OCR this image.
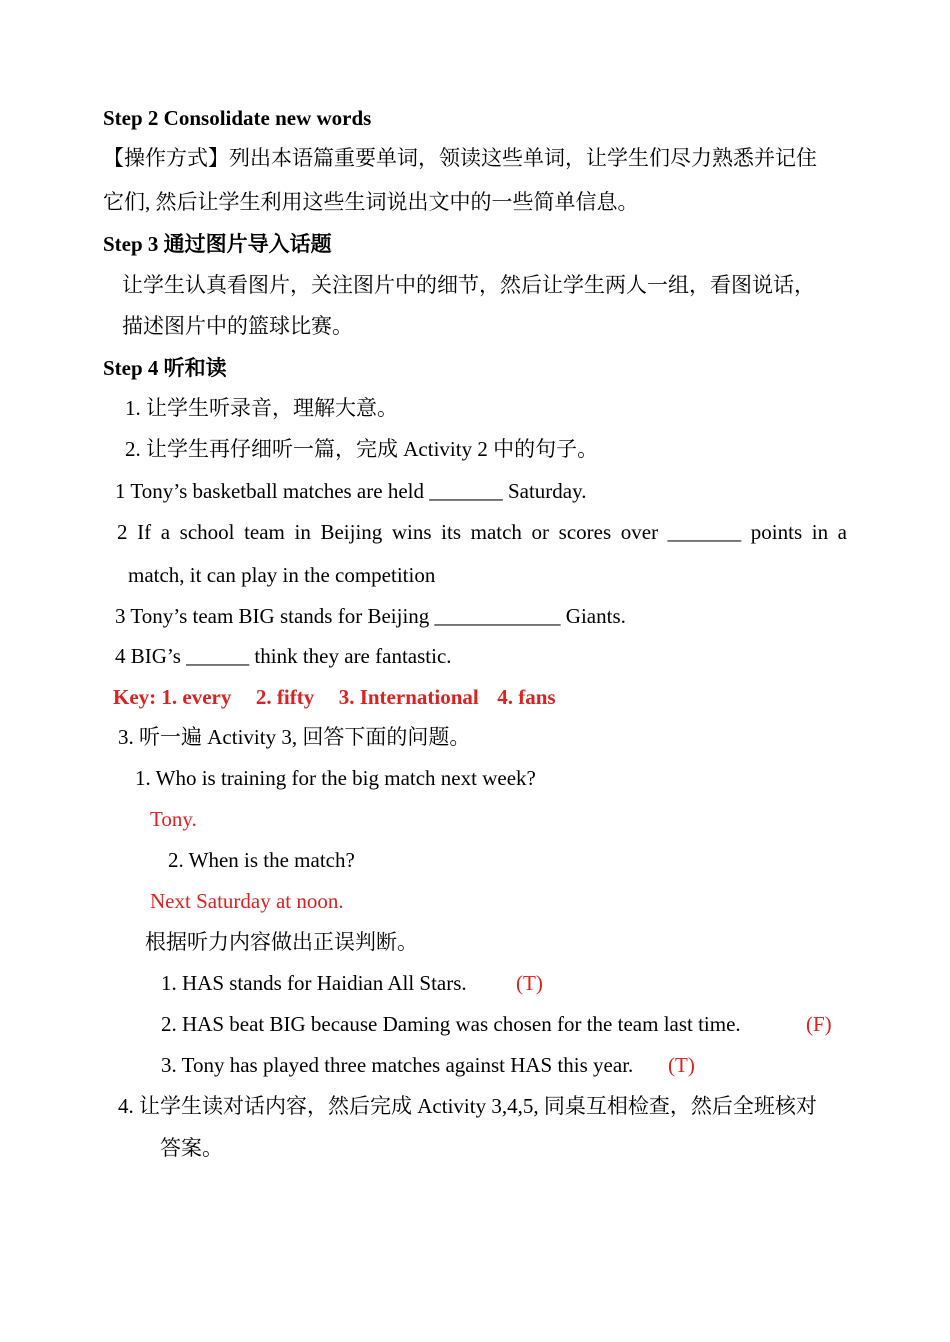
Step 2 Consolidate new words
【操作方式】列出本语篇重要单词，领读这些单词，让学生们尽力熟悉并记住
它们, 然后让学生利用这些生词说出文中的一些简单信息。
Step 3 通过图片导入话题
让学生认真看图片，关注图片中的细节，然后让学生两人一组，看图说话，
描述图片中的篮球比赛。
Step 4 听和读
1. 让学生听录音，理解大意。
2. 让学生再仔细听一篇，完成 Activity 2 中的句子。
1 Tony’s basketball matches are held _______ Saturday.
2 If a school team in Beijing wins its match or scores over _______ points in a
match, it can play in the competition
3 Tony’s team BIG stands for Beijing ____________ Giants.
4 BIG’s ______ think they are fantastic.
Key: 1. every 2. fifty 3. International 4. fans
3. 听一遍 Activity 3, 回答下面的问题。
1. Who is training for the big match next week?
Tony.
2. When is the match?
Next Saturday at noon.
根据听力内容做出正误判断。
1. HAS stands for Haidian All Stars. (T)
2. HAS beat BIG because Daming was chosen for the team last time.	(F)
3. Tony has played three matches against HAS this year. (T)
4. 让学生读对话内容，然后完成 Activity 3,4,5, 同桌互相检查，然后全班核对
答案。
